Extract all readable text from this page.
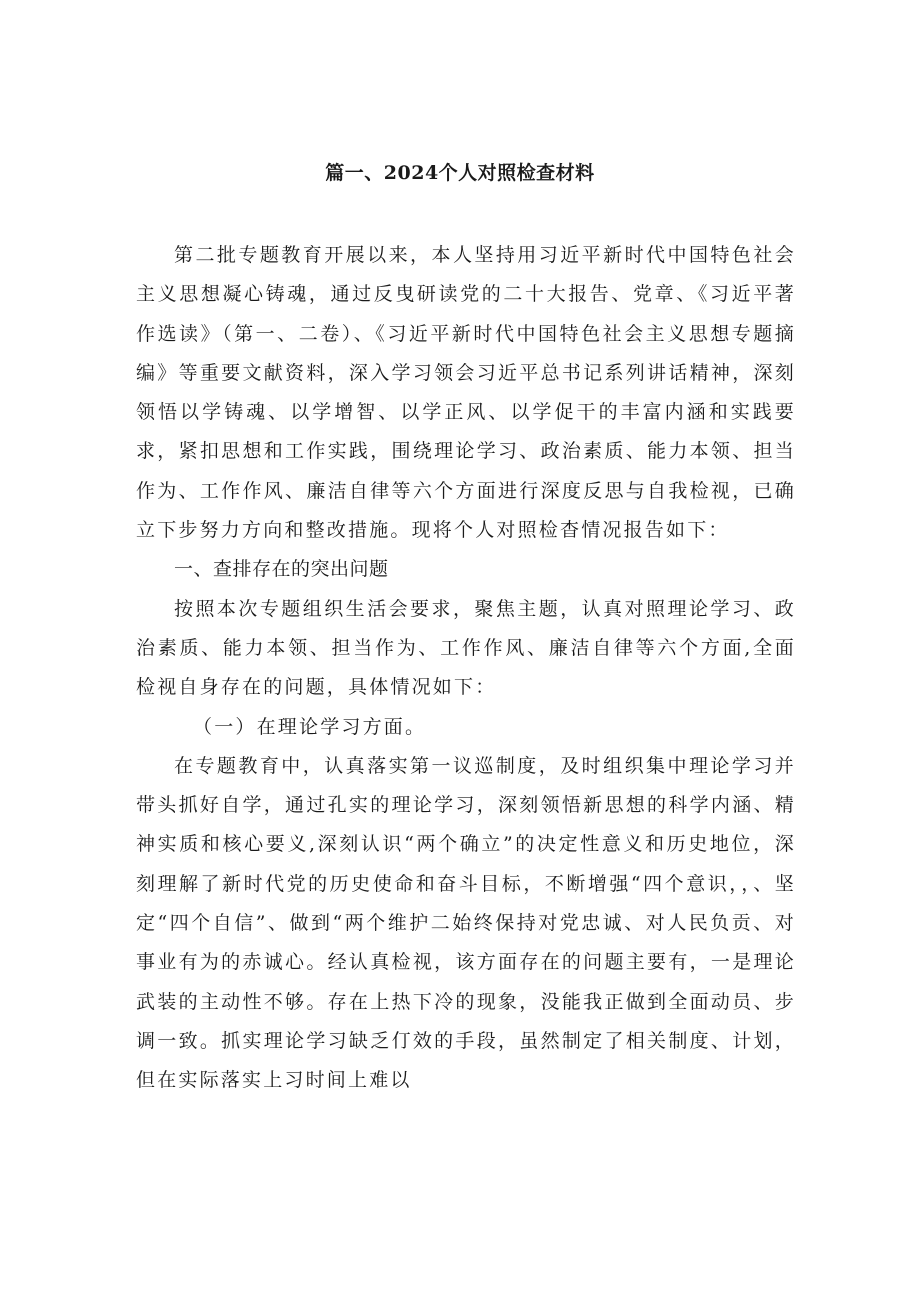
篇一、2024个人对照检查材料

第二批专题教育开展以来，本人坚持用习近平新时代中国特色社会主义思想凝心铸魂，通过反曳研读党的二十大报告、党章、《习近平著作选读》（第一、二卷）、《习近平新时代中国特色社会主义思想专题摘编》等重要文献资料，深入学习领会习近平总书记系列讲话精神，深刻领悟以学铸魂、以学增智、以学正风、以学促干的丰富内涵和实践要求，紧扣思想和工作实践，围绕理论学习、政治素质、能力本领、担当作为、工作作风、廉洁自律等六个方面进行深度反思与自我检视，已确立下步努力方向和整改措施。现将个人对照检杳情况报告如下：

一、查排存在的突出问题

按照本次专题组织生活会要求，聚焦主题，认真对照理论学习、政治素质、能力本领、担当作为、工作作风、廉洁自律等六个方面,全面检视自身存在的问题，具体情况如下：

（一）在理论学习方面。

在专题教育中，认真落实第一议巡制度，及时组织集中理论学习并带头抓好自学，通过孔实的理论学习，深刻领悟新思想的科学内涵、精神实质和核心要义,深刻认识“两个确立”的决定性意义和历史地位，深刻理解了新时代党的历史使命和奋斗目标，不断增强“四个意识，，、坚定“四个自信”、做到“两个维护二始终保持对党忠诚、对人民负贡、对事业有为的赤诚心。经认真检视，该方面存在的问题主要有，一是理论武装的主动性不够。存在上热下冷的现象，没能我正做到全面动员、步调一致。抓实理论学习缺乏仃效的手段，虽然制定了相关制度、计划，但在实际落实上习时间上难以
